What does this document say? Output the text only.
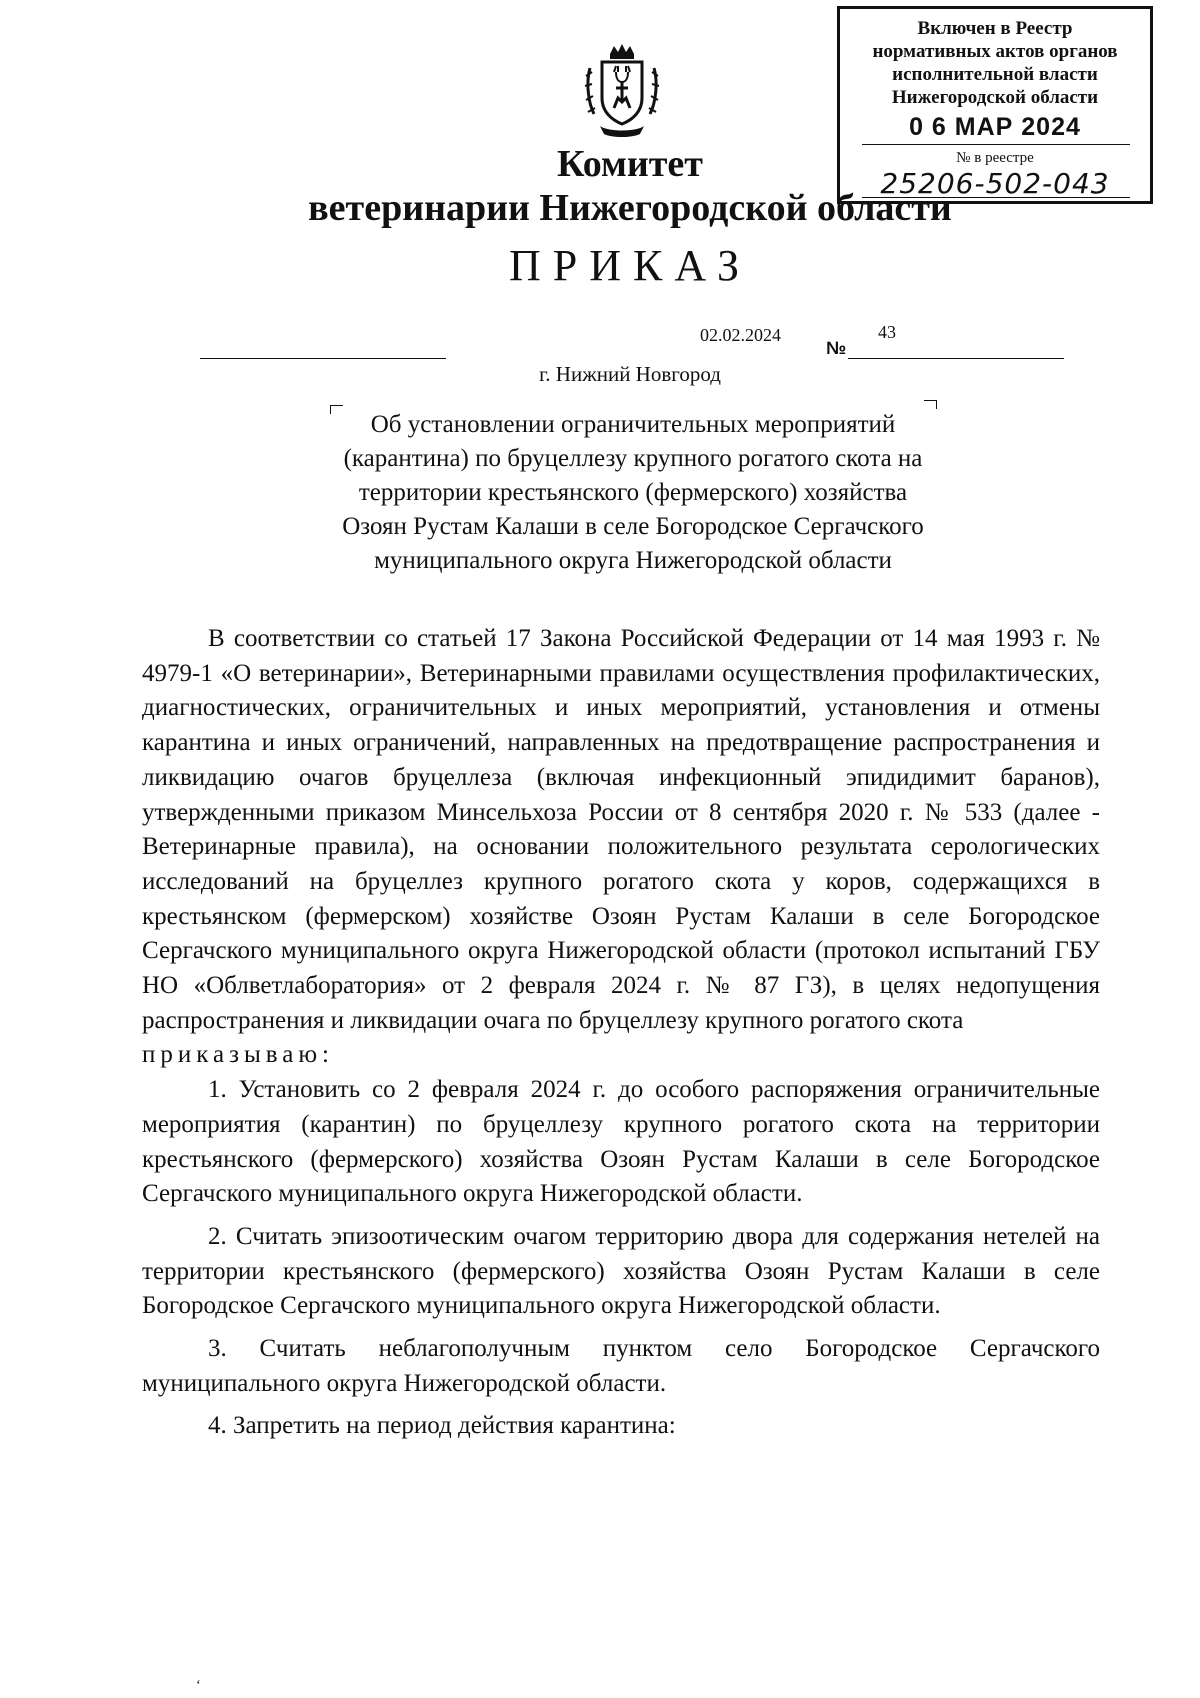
Включен в Реестр
нормативных актов органов
исполнительной власти
Нижегородской области
0 6 МАР 2024
№ в реестре
25206-502-043
Комитет
ветеринарии Нижегородской области
ПРИКАЗ
02.02.2024
№
43
г. Нижний Новгород
Об установлении ограничительных мероприятий (карантина) по бруцеллезу крупного рогатого скота на территории крестьянского (фермерского) хозяйства Озоян Рустам Калаши в селе Богородское Сергачского муниципального округа Нижегородской области

В соответствии со статьей 17 Закона Российской Федерации от 14 мая 1993 г. № 4979-1 «О ветеринарии», Ветеринарными правилами осуществления профилактических, диагностических, ограничительных и иных мероприятий, установления и отмены карантина и иных ограничений, направленных на предотвращение распространения и ликвидацию очагов бруцеллеза (включая инфекционный эпидидимит баранов), утвержденными приказом Минсельхоза России от 8 сентября 2020 г. № 533 (далее - Ветеринарные правила), на основании положительного результата серологических исследований на бруцеллез крупного рогатого скота у коров, содержащихся в крестьянском (фермерском) хозяйстве Озоян Рустам Калаши в селе Богородское Сергачского муниципального округа Нижегородской области (протокол испытаний ГБУ НО «Облветлаборатория» от 2 февраля 2024 г. № 87 ГЗ), в целях недопущения распространения и ликвидации очага по бруцеллезу крупного рогатого скота

приказываю:

1. Установить со 2 февраля 2024 г. до особого распоряжения ограничительные мероприятия (карантин) по бруцеллезу крупного рогатого скота на территории крестьянского (фермерского) хозяйства Озоян Рустам Калаши в селе Богородское Сергачского муниципального округа Нижегородской области.

2. Считать эпизоотическим очагом территорию двора для содержания нетелей на территории крестьянского (фермерского) хозяйства Озоян Рустам Калаши в селе Богородское Сергачского муниципального округа Нижегородской области.

3. Считать неблагополучным пунктом село Богородское Сергачского муниципального округа Нижегородской области.

4. Запретить на период действия карантина:

ʻ
